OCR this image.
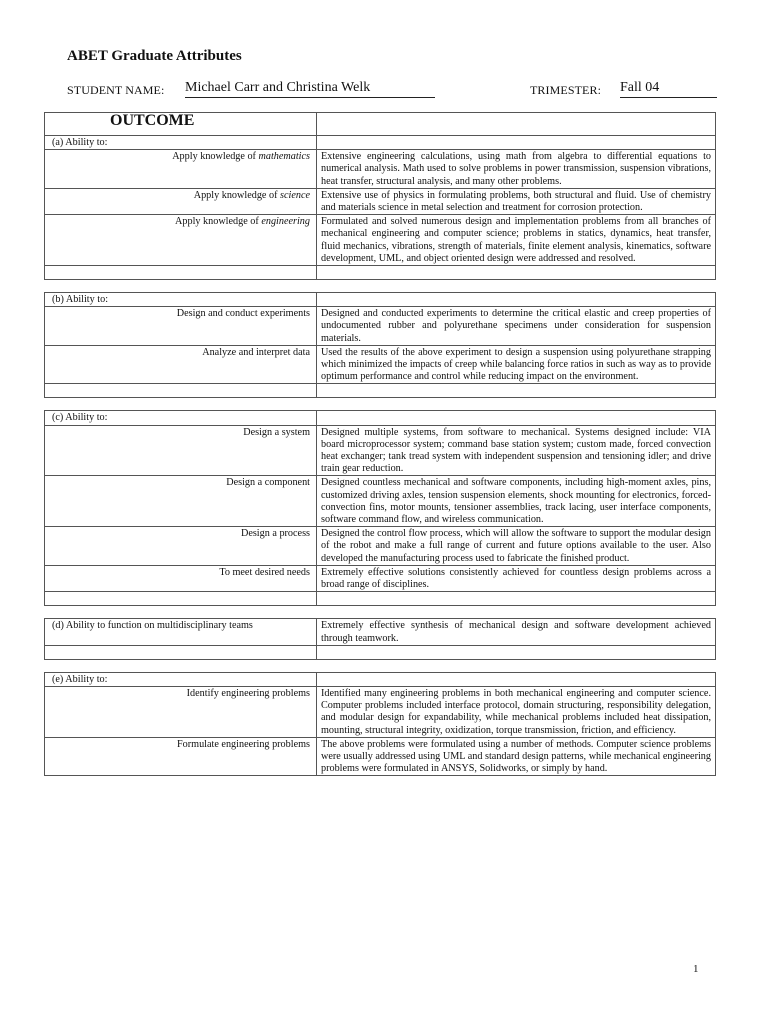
ABET Graduate Attributes
STUDENT NAME: Michael Carr and Christina Welk	TRIMESTER: Fall 04
OUTCOME	
(a) Ability to:	
Apply knowledge of mathematics	Extensive engineering calculations, using math from algebra to differential equations to numerical analysis. Math used to solve problems in power transmission, suspension vibrations, heat transfer, structural analysis, and many other problems.
Apply knowledge of science	Extensive use of physics in formulating problems, both structural and fluid. Use of chemistry and materials science in metal selection and treatment for corrosion protection.
Apply knowledge of engineering	Formulated and solved numerous design and implementation problems from all branches of mechanical engineering and computer science; problems in statics, dynamics, heat transfer, fluid mechanics, vibrations, strength of materials, finite element analysis, kinematics, software development, UML, and object oriented design were addressed and resolved.

(b) Ability to:	
Design and conduct experiments	Designed and conducted experiments to determine the critical elastic and creep properties of undocumented rubber and polyurethane specimens under consideration for suspension materials.
Analyze and interpret data	Used the results of the above experiment to design a suspension using polyurethane strapping which minimized the impacts of creep while balancing force ratios in such as way as to provide optimum performance and control while reducing impact on the environment.

(c) Ability to:	
Design a system	Designed multiple systems, from software to mechanical. Systems designed include: VIA board microprocessor system; command base station system; custom made, forced convection heat exchanger; tank tread system with independent suspension and tensioning idler; and drive train gear reduction.
Design a component	Designed countless mechanical and software components, including high-moment axles, pins, customized driving axles, tension suspension elements, shock mounting for electronics, forced-convection fins, motor mounts, tensioner assemblies, track lacing, user interface components, software command flow, and wireless communication.
Design a process	Designed the control flow process, which will allow the software to support the modular design of the robot and make a full range of current and future options available to the user. Also developed the manufacturing process used to fabricate the finished product.
To meet desired needs	Extremely effective solutions consistently achieved for countless design problems across a broad range of disciplines.

(d) Ability to function on multidisciplinary teams	Extremely effective synthesis of mechanical design and software development achieved through teamwork.

(e) Ability to:	
Identify engineering problems	Identified many engineering problems in both mechanical engineering and computer science. Computer problems included interface protocol, domain structuring, responsibility delegation, and modular design for expandability, while mechanical problems included heat dissipation, mounting, structural integrity, oxidization, torque transmission, friction, and efficiency.
Formulate engineering problems	The above problems were formulated using a number of methods. Computer science problems were usually addressed using UML and standard design patterns, while mechanical engineering problems were formulated in ANSYS, Solidworks, or simply by hand.
1
